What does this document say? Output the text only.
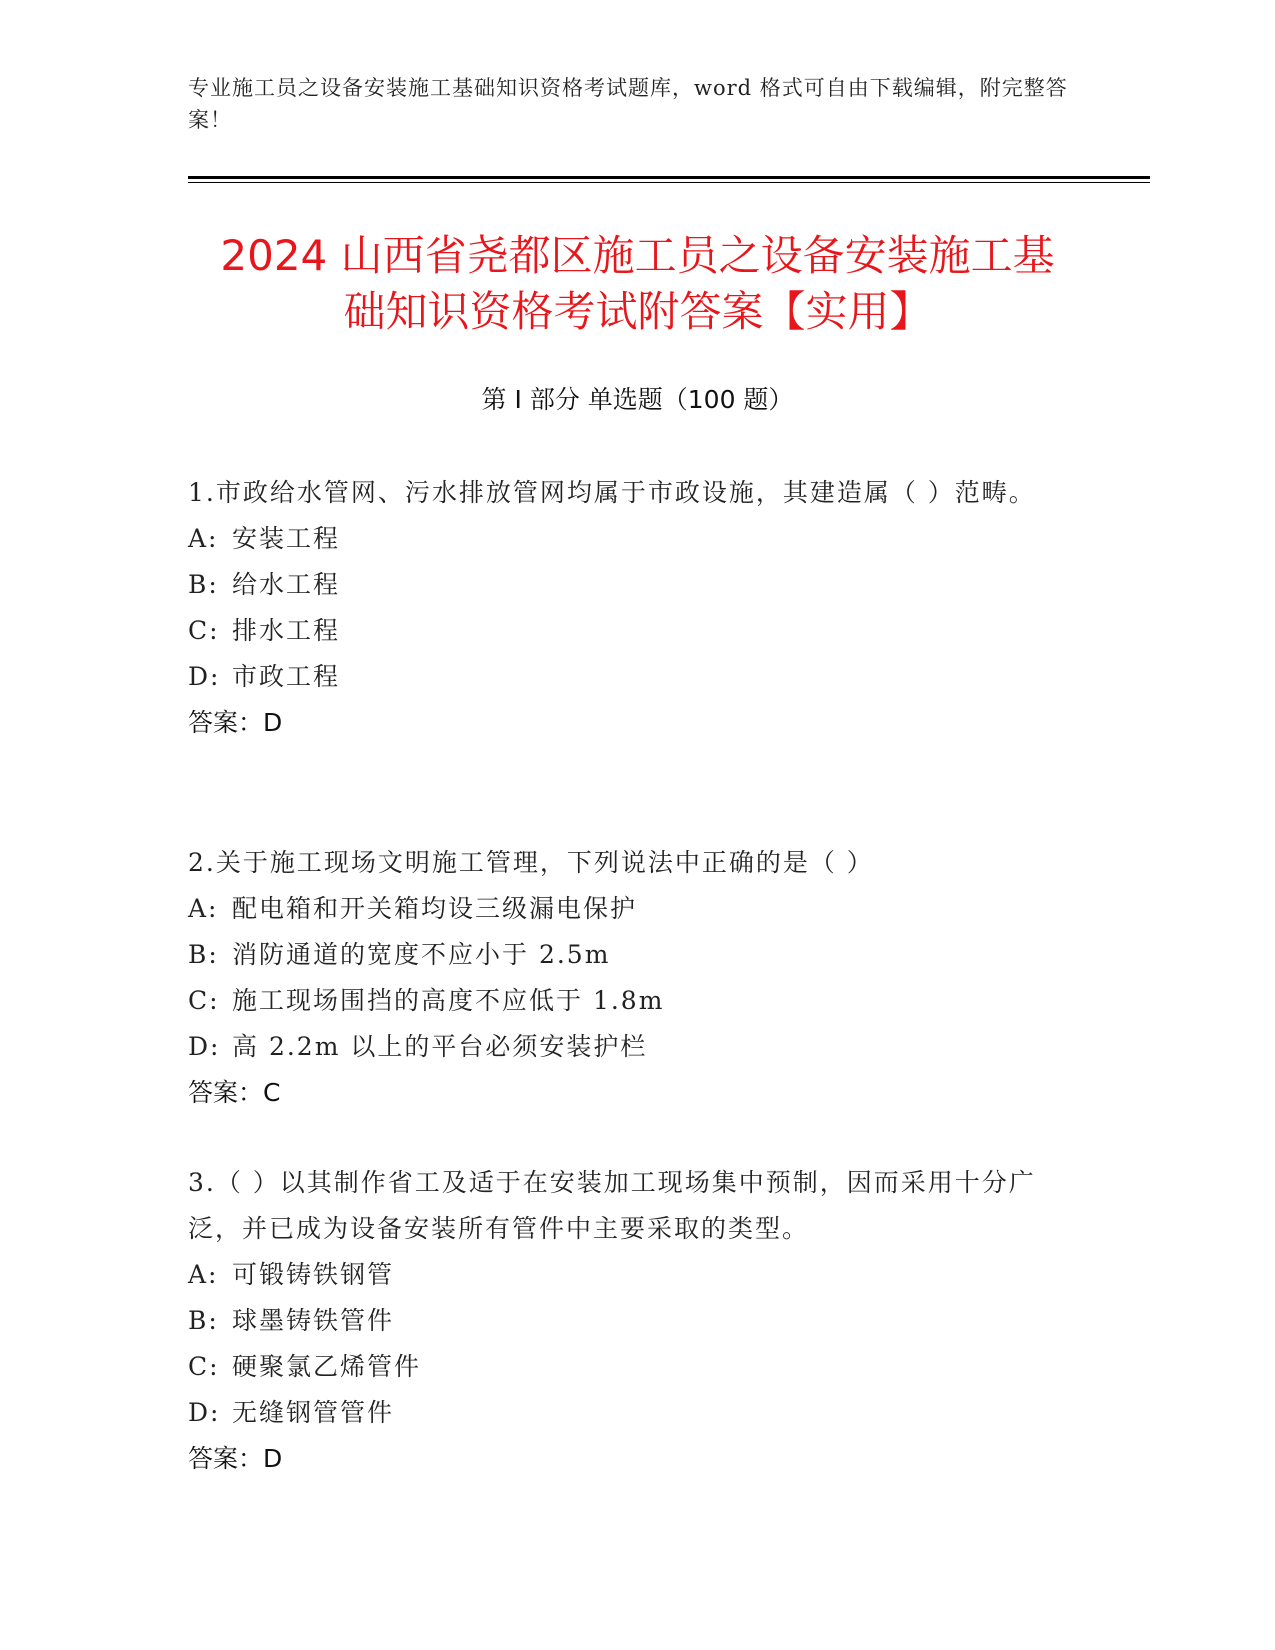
专业施工员之设备安装施工基础知识资格考试题库，word 格式可自由下载编辑，附完整答案！
2024 山西省尧都区施工员之设备安装施工基
础知识资格考试附答案【实用】
第 I 部分 单选题（100 题）

1.市政给水管网、污水排放管网均属于市政设施，其建造属（ ）范畴。

A: 安装工程

B: 给水工程

C: 排水工程

D: 市政工程

答案：D

2.关于施工现场文明施工管理，下列说法中正确的是（ ）

A: 配电箱和开关箱均设三级漏电保护

B: 消防通道的宽度不应小于 2.5m

C: 施工现场围挡的高度不应低于 1.8m

D: 高 2.2m 以上的平台必须安装护栏

答案：C

3.（ ）以其制作省工及适于在安装加工现场集中预制，因而采用十分广泛，并已成为设备安装所有管件中主要采取的类型。

A: 可锻铸铁钢管

B: 球墨铸铁管件

C: 硬聚氯乙烯管件

D: 无缝钢管管件

答案：D
